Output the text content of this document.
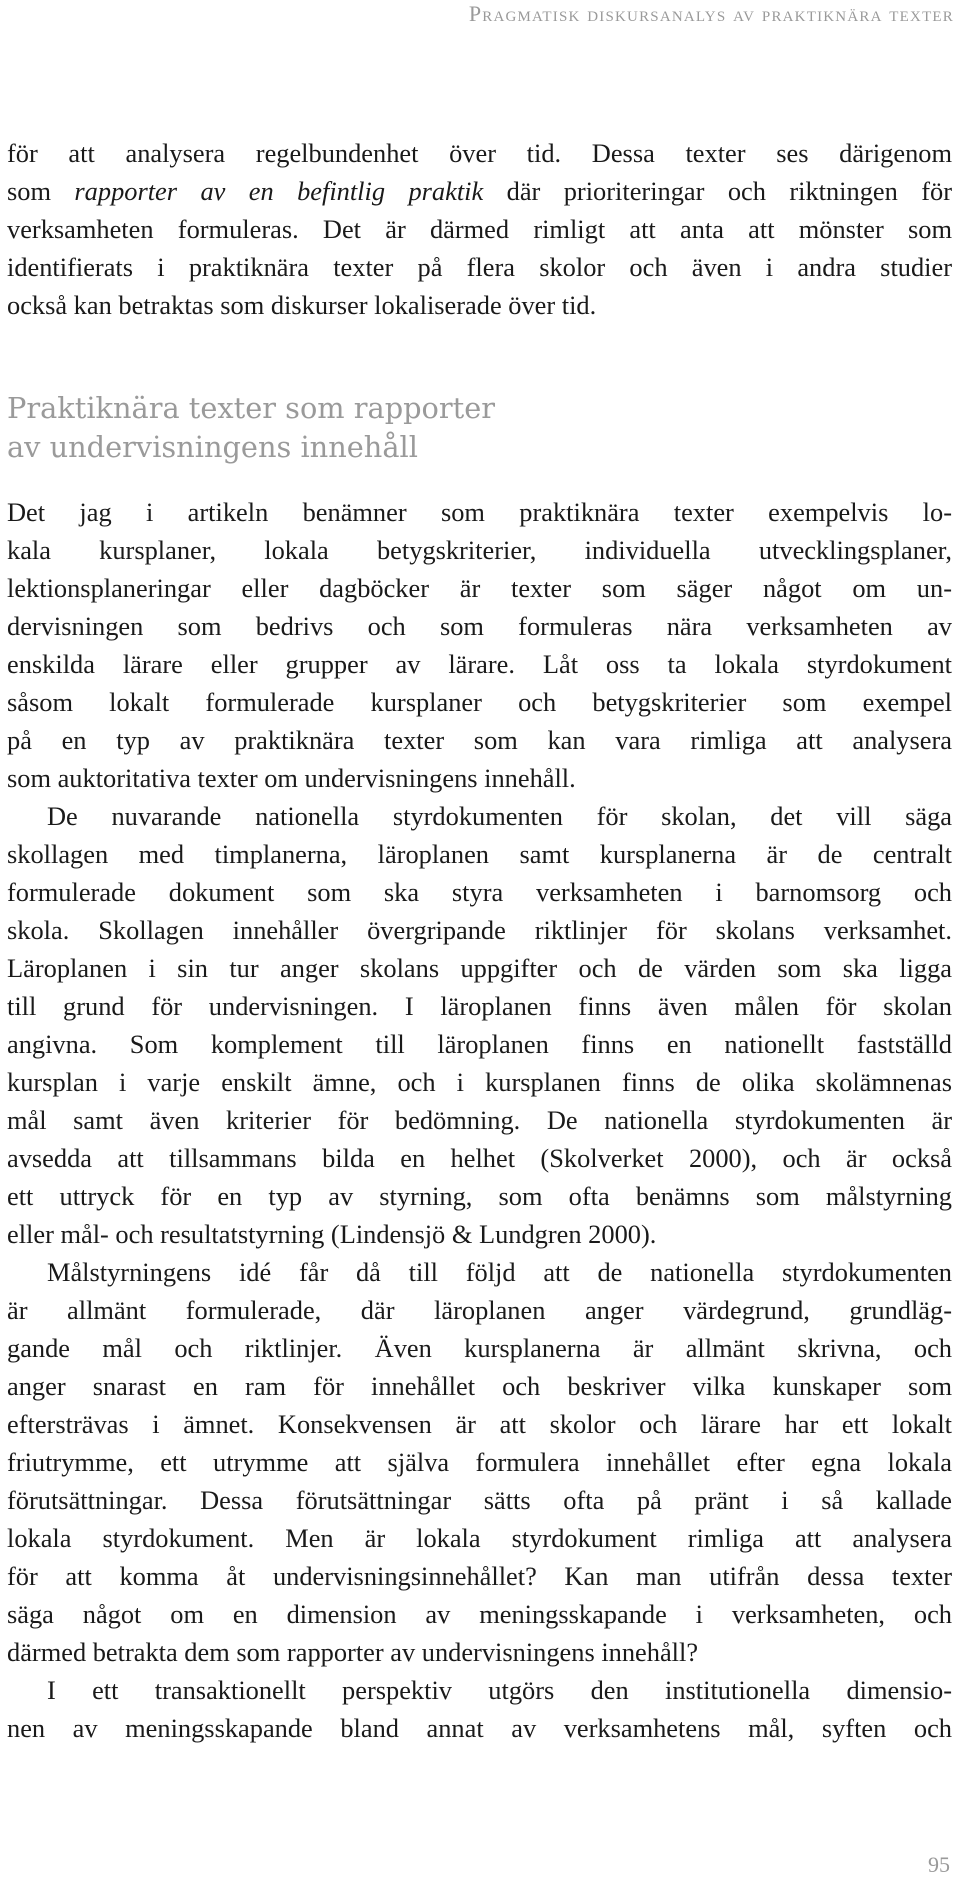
Pragmatisk diskursanalys av praktiknära texter
för att analysera regelbundenhet över tid. Dessa texter ses därigenom
som rapporter av en befintlig praktik där prioriteringar och riktningen för
verksamheten formuleras. Det är därmed rimligt att anta att mönster som
identifierats i praktiknära texter på flera skolor och även i andra studier
också kan betraktas som diskurser lokaliserade över tid.
Praktiknära texter som rapporter
av undervisningens innehåll
Det jag i artikeln benämner som praktiknära texter exempelvis lo-
kala kursplaner, lokala betygskriterier, individuella utvecklingsplaner,
lektionsplaneringar eller dagböcker är texter som säger något om un-
dervisningen som bedrivs och som formuleras nära verksamheten av
enskilda lärare eller grupper av lärare. Låt oss ta lokala styrdokument
såsom lokalt formulerade kursplaner och betygskriterier som exempel
på en typ av praktiknära texter som kan vara rimliga att analysera
som auktoritativa texter om undervisningens innehåll.
De nuvarande nationella styrdokumenten för skolan, det vill säga
skollagen med timplanerna, läroplanen samt kursplanerna är de centralt
formulerade dokument som ska styra verksamheten i barnomsorg och
skola. Skollagen innehåller övergripande riktlinjer för skolans verksamhet.
Läroplanen i sin tur anger skolans uppgifter och de värden som ska ligga
till grund för undervisningen. I läroplanen finns även målen för skolan
angivna. Som komplement till läroplanen finns en nationellt fastställd
kursplan i varje enskilt ämne, och i kursplanen finns de olika skolämnenas
mål samt även kriterier för bedömning. De nationella styrdokumenten är
avsedda att tillsammans bilda en helhet (Skolverket 2000), och är också
ett uttryck för en typ av styrning, som ofta benämns som målstyrning
eller mål- och resultatstyrning (Lindensjö & Lundgren 2000).
Målstyrningens idé får då till följd att de nationella styrdokumenten
är allmänt formulerade, där läroplanen anger värdegrund, grundläg-
gande mål och riktlinjer. Även kursplanerna är allmänt skrivna, och
anger snarast en ram för innehållet och beskriver vilka kunskaper som
eftersträvas i ämnet. Konsekvensen är att skolor och lärare har ett lokalt
friutrymme, ett utrymme att själva formulera innehållet efter egna lokala
förutsättningar. Dessa förutsättningar sätts ofta på pränt i så kallade
lokala styrdokument. Men är lokala styrdokument rimliga att analysera
för att komma åt undervisningsinnehållet? Kan man utifrån dessa texter
säga något om en dimension av meningsskapande i verksamheten, och
därmed betrakta dem som rapporter av undervisningens innehåll?
I ett transaktionellt perspektiv utgörs den institutionella dimensio-
nen av meningsskapande bland annat av verksamhetens mål, syften och
95
